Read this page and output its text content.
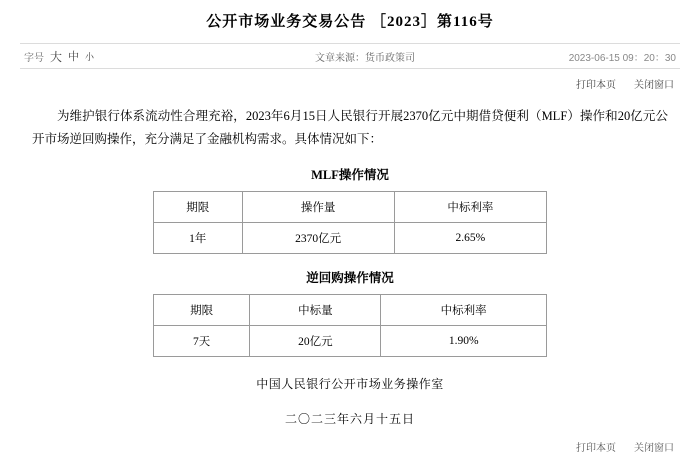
公开市场业务交易公告 ［2023］第116号
字号 大 中 小	文章来源：货币政策司	2023-06-15 09：20：30
打印本页 关闭窗口
为维护银行体系流动性合理充裕，2023年6月15日人民银行开展2370亿元中期借贷便利（MLF）操作和20亿元公开市场逆回购操作，充分满足了金融机构需求。具体情况如下：
MLF操作情况
期限	操作量	中标利率
1年	2370亿元	2.65%
逆回购操作情况
期限	中标量	中标利率
7天	20亿元	1.90%
中国人民银行公开市场业务操作室
二〇二三年六月十五日
打印本页 关闭窗口
